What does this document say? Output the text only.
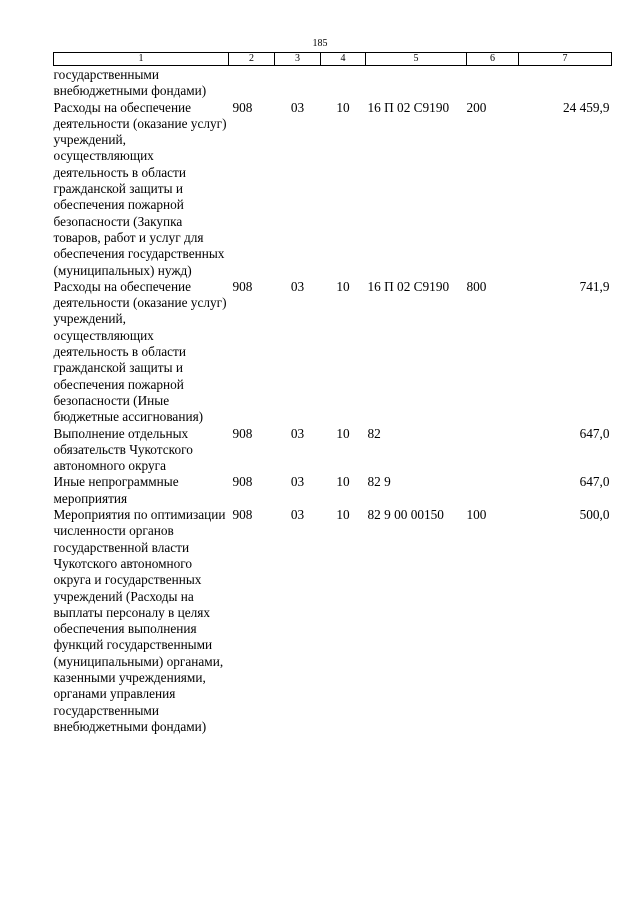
185
1	2	3	4	5	6	7
государственными внебюджетными фондами)						
Расходы на обеспечение деятельности (оказание услуг) учреждений, осуществляющих деятельность в области гражданской защиты и обеспечения пожарной безопасности (Закупка товаров, работ и услуг для обеспечения государственных (муниципальных) нужд)	908	03	10	16 П 02 С9190	200	24 459,9
Расходы на обеспечение деятельности (оказание услуг) учреждений, осуществляющих деятельность в области гражданской защиты и обеспечения пожарной безопасности (Иные бюджетные ассигнования)	908	03	10	16 П 02 С9190	800	741,9
Выполнение отдельных обязательств Чукотского автономного округа	908	03	10	82		647,0
Иные непрограммные мероприятия	908	03	10	82 9		647,0
Мероприятия по оптимизации численности органов государственной власти Чукотского автономного округа и государственных учреждений (Расходы на выплаты персоналу в целях обеспечения выполнения функций государственными (муниципальными) органами, казенными учреждениями, органами управления государственными внебюджетными фондами)	908	03	10	82 9 00 00150	100	500,0
